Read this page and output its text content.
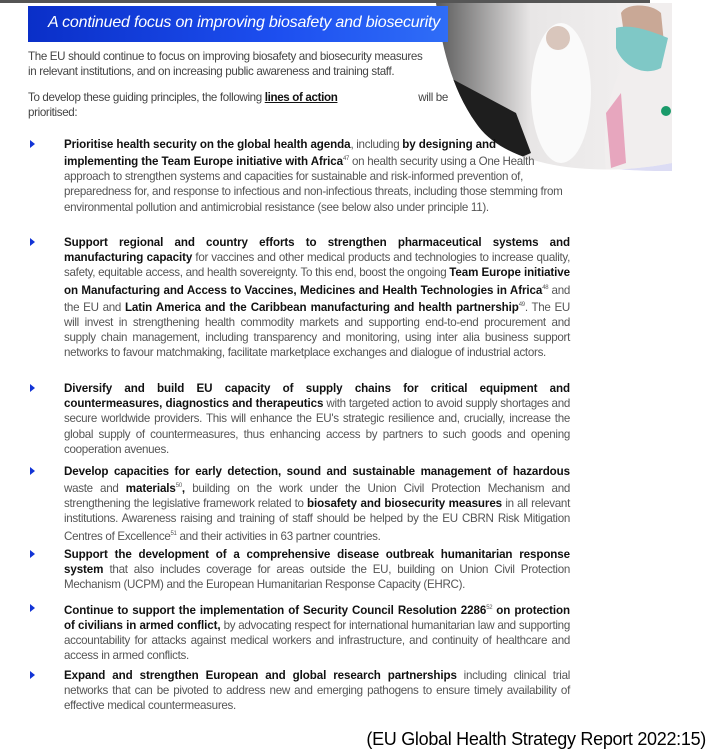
A continued focus on improving biosafety and biosecurity
The EU should continue to focus on improving biosafety and biosecurity measures
in relevant institutions, and on increasing public awareness and training staff.
To develop these guiding principles, the following lines of action	will be
prioritised:
Prioritise health security on the global health agenda, including by designing and implementing the Team Europe initiative with Africa$^{47}$ on health security using a One Health approach to strengthen systems and capacities for sustainable and risk-informed prevention of, preparedness for, and response to infectious and non-infectious threats, including those stemming from environmental pollution and antimicrobial resistance (see below also under principle 11).
Support regional and country efforts to strengthen pharmaceutical systems and manufacturing capacity for vaccines and other medical products and technologies to increase quality, safety, equitable access, and health sovereignty. To this end, boost the ongoing Team Europe initiative on Manufacturing and Access to Vaccines, Medicines and Health Technologies in Africa$^{48}$ and the EU and Latin America and the Caribbean manufacturing and health partnership$^{49}$. The EU will invest in strengthening health commodity markets and supporting end-to-end procurement and supply chain management, including transparency and monitoring, using inter alia business support networks to favour matchmaking, facilitate marketplace exchanges and dialogue of industrial actors.
Diversify and build EU capacity of supply chains for critical equipment and countermeasures, diagnostics and therapeutics with targeted action to avoid supply shortages and secure worldwide providers. This will enhance the EU's strategic resilience and, crucially, increase the global supply of countermeasures, thus enhancing access by partners to such goods and opening cooperation avenues.
Develop capacities for early detection, sound and sustainable management of hazardous waste and materials$^{50}$, building on the work under the Union Civil Protection Mechanism and strengthening the legislative framework related to biosafety and biosecurity measures in all relevant institutions. Awareness raising and training of staff should be helped by the EU CBRN Risk Mitigation Centres of Excellence$^{51}$ and their activities in 63 partner countries.
Support the development of a comprehensive disease outbreak humanitarian response system that also includes coverage for areas outside the EU, building on Union Civil Protection Mechanism (UCPM) and the European Humanitarian Response Capacity (EHRC).
Continue to support the implementation of Security Council Resolution 2286$^{52}$ on protection of civilians in armed conflict, by advocating respect for international humanitarian law and supporting accountability for attacks against medical workers and infrastructure, and continuity of healthcare and access in armed conflicts.
Expand and strengthen European and global research partnerships including clinical trial networks that can be pivoted to address new and emerging pathogens to ensure timely availability of effective medical countermeasures.
(EU Global Health Strategy Report 2022:15)
